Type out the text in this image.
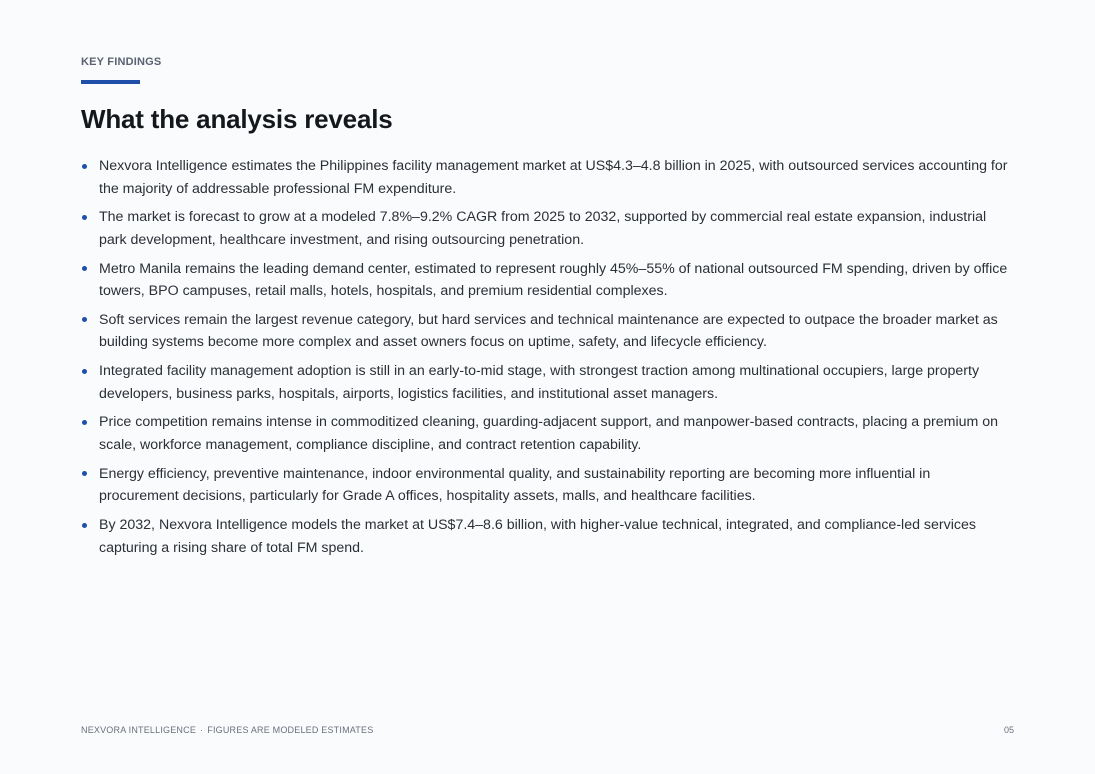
KEY FINDINGS
What the analysis reveals
Nexvora Intelligence estimates the Philippines facility management market at US$4.3–4.8 billion in 2025, with outsourced services accounting for the majority of addressable professional FM expenditure.
The market is forecast to grow at a modeled 7.8%–9.2% CAGR from 2025 to 2032, supported by commercial real estate expansion, industrial park development, healthcare investment, and rising outsourcing penetration.
Metro Manila remains the leading demand center, estimated to represent roughly 45%–55% of national outsourced FM spending, driven by office towers, BPO campuses, retail malls, hotels, hospitals, and premium residential complexes.
Soft services remain the largest revenue category, but hard services and technical maintenance are expected to outpace the broader market as building systems become more complex and asset owners focus on uptime, safety, and lifecycle efficiency.
Integrated facility management adoption is still in an early-to-mid stage, with strongest traction among multinational occupiers, large property developers, business parks, hospitals, airports, logistics facilities, and institutional asset managers.
Price competition remains intense in commoditized cleaning, guarding-adjacent support, and manpower-based contracts, placing a premium on scale, workforce management, compliance discipline, and contract retention capability.
Energy efficiency, preventive maintenance, indoor environmental quality, and sustainability reporting are becoming more influential in procurement decisions, particularly for Grade A offices, hospitality assets, malls, and healthcare facilities.
By 2032, Nexvora Intelligence models the market at US$7.4–8.6 billion, with higher-value technical, integrated, and compliance-led services capturing a rising share of total FM spend.
NEXVORA INTELLIGENCE · FIGURES ARE MODELED ESTIMATES	05
